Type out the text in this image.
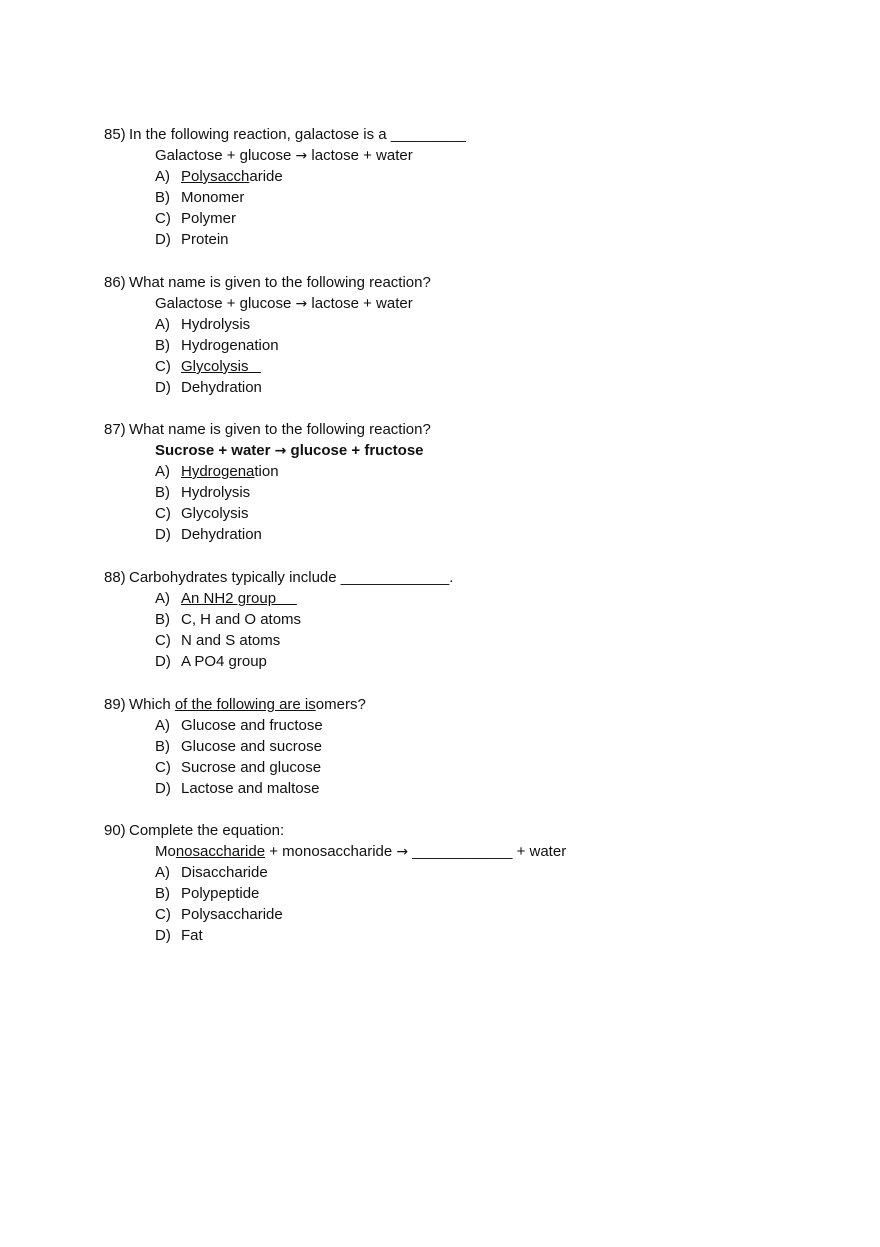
85) In the following reaction, galactose is a _________
Galactose + glucose → lactose + water
A) Polysaccharide
B) Monomer
C) Polymer
D) Protein
86) What name is given to the following reaction?
Galactose + glucose → lactose + water
A) Hydrolysis
B) Hydrogenation
C) Glycolysis
D) Dehydration
87) What name is given to the following reaction?
Sucrose + water → glucose + fructose
A) Hydrogenation
B) Hydrolysis
C) Glycolysis
D) Dehydration
88) Carbohydrates typically include _____________.
A) An NH2 group
B) C, H and O atoms
C) N and S atoms
D) A PO4 group
89) Which of the following are isomers?
A) Glucose and fructose
B) Glucose and sucrose
C) Sucrose and glucose
D) Lactose and maltose
90) Complete the equation:
Monosaccharide + monosaccharide → ____________ + water
A) Disaccharide
B) Polypeptide
C) Polysaccharide
D) Fat
